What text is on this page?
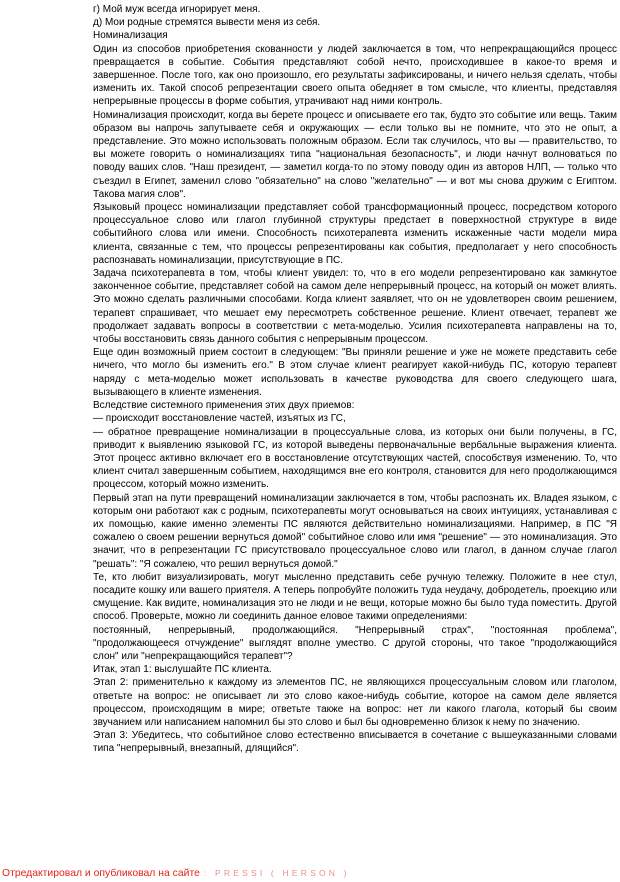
г) Мой муж всегда игнорирует меня.

д) Мои родные стремятся вывести меня из себя.

Номинализация

Один из способов приобретения скованности у людей заключается в том, что непрекращающийся процесс превращается в событие. События представляют собой нечто, происходившее в какое-то время и завершенное. После того, как оно произошло, его результаты зафиксированы, и ничего нельзя сделать, чтобы изменить их. Такой способ репрезентации своего опыта обедняет в том смысле, что клиенты, представляя непрерывные процессы в форме события, утрачивают над ними контроль.

Номинализация происходит, когда вы берете процесс и описываете его так, будто это событие или вещь. Таким образом вы напрочь запутываете себя и окружающих — если только вы не помните, что это не опыт, а представление. Это можно использовать положным образом. Если так случилось, что вы — правительство, то вы можете говорить о номинализациях типа "национальная безопасность", и люди начнут волноваться по поводу ваших слов. "Наш президент, — заметил когда-то по этому поводу один из авторов НЛП, — только что съездил в Египет, заменил слово "обязательно" на слово "желательно" — и вот мы снова дружим с Египтом. Такова магия слов".

Языковый процесс номинализации представляет собой трансформационный процесс, посредством которого процессуальное слово или глагол глубинной структуры предстает в поверхностной структуре в виде событийного слова или имени. Способность психотерапевта изменить искаженные части модели мира клиента, связанные с тем, что процессы репрезентированы как события, предполагает у него способность распознавать номинализации, присутствующие в ПС.

Задача психотерапевта в том, чтобы клиент увидел: то, что в его модели репрезентировано как замкнутое законченное событие, представляет собой на самом деле непрерывный процесс, на который он может влиять. Это можно сделать различными способами. Когда клиент заявляет, что он не удовлетворен своим решением, терапевт спрашивает, что мешает ему пересмотреть собственное решение. Клиент отвечает, терапевт же продолжает задавать вопросы в соответствии с мета-моделью. Усилия психотерапевта направлены на то, чтобы восстановить связь данного события с непрерывным процессом.

Еще один возможный прием состоит в следующем: "Вы приняли решение и уже не можете представить себе ничего, что могло бы изменить его." В этом случае клиент реагирует какой-нибудь ПС, которую терапевт наряду с мета-моделью может использовать в качестве руководства для своего следующего шага, вызывающего в клиенте изменения.

Вследствие системного применения этих двух приемов:

— происходит восстановление частей, изъятых из ГС,

— обратное превращение номинализации в процессуальные слова, из которых они были получены, в ГС, приводит к выявлению языковой ГС, из которой выведены первоначальные вербальные выражения клиента. Этот процесс активно включает его в восстановление отсутствующих частей, способствуя изменению. То, что клиент считал завершенным событием, находящимся вне его контроля, становится для него продолжающимся процессом, который можно изменить.

Первый этап на пути превращений номинализации заключается в том, чтобы распознать их. Владея языком, с которым они работают как с родным, психотерапевты могут основываться на своих интуициях, устанавливая с их помощью, какие именно элементы ПС являются действительно номинализациями. Например, в ПС "Я сожалею о своем решении вернуться домой" событийное слово или имя "решение" — это номинализация. Это значит, что в репрезентации ГС присутствовало процессуальное слово или глагол, в данном случае глагол "решать": "Я сожалею, что решил вернуться домой."

Те, кто любит визуализировать, могут мысленно представить себе ручную тележку. Положите в нее стул, посадите кошку или вашего приятеля. А теперь попробуйте положить туда неудачу, добродетель, проекцию или смущение. Как видите, номинализация это не люди и не вещи, которые можно бы было туда поместить. Другой способ. Проверьте, можно ли соединить данное еловое такими определениями:

постоянный, непрерывный, продолжающийся. "Непрерывный страх", "постоянная проблема", "продолжающееся отчуждение" выглядят вполне умество. С другой стороны, что такое "продолжающийся слон" или "непрекращающийся терапевт"?

Итак, этап 1: выслушайте ПС клиента.

Этап 2: применительно к каждому из элементов ПС, не являющихся процессуальным словом или глаголом, ответьте на вопрос: не описывает ли это слово какое-нибудь событие, которое на самом деле является процессом, происходящим в мире; ответьте также на вопрос: нет ли какого глагола, который бы своим звучанием или написанием напомнил бы это слово и был бы одновременно близок к нему по значению.

Этап 3: Убедитесь, что событийное слово естественно вписывается в сочетание с вышеуказанными словами типа "непрерывный, внезапный, длящийся".

Отредактировал и опубликовал на сайте : PRESSI ( HERSON )
